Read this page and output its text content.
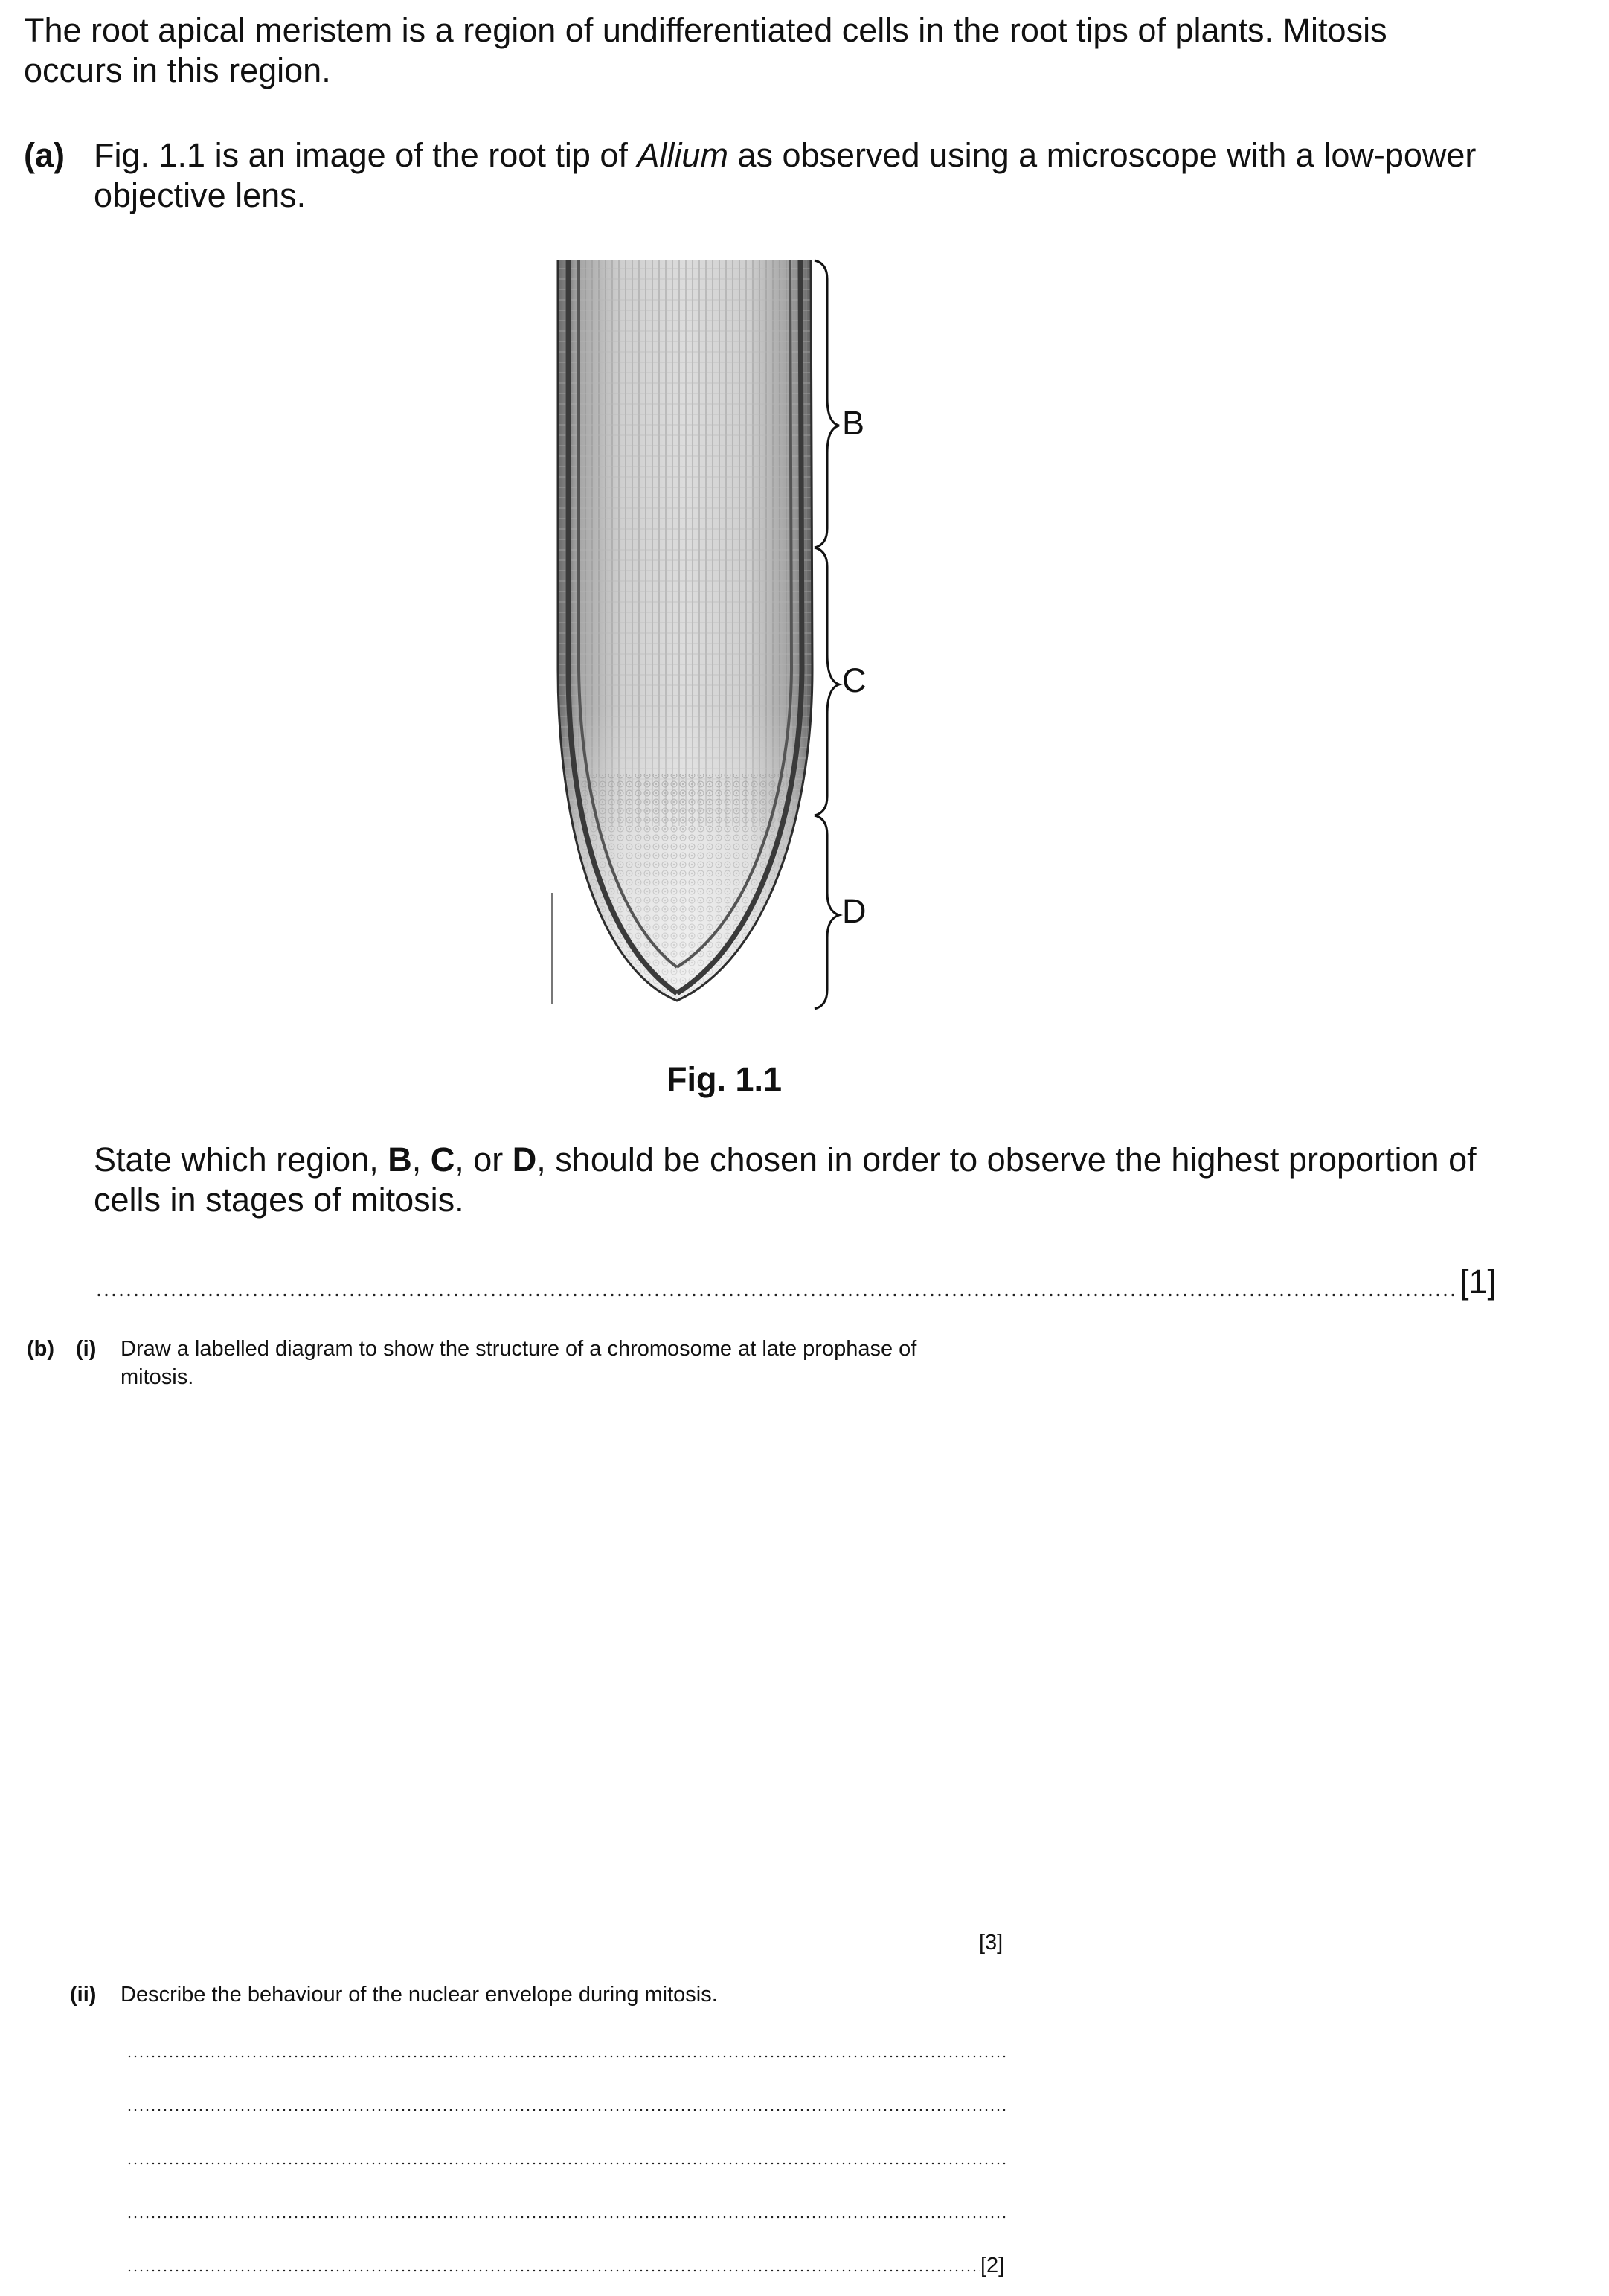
The root apical meristem is a region of undifferentiated cells in the root tips of plants. Mitosis
occurs in this region.
(a) Fig. 1.1 is an image of the root tip of Allium as observed using a microscope with a low-power
objective lens.
B
C
D
Fig. 1.1
State which region, B, C, or D, should be chosen in order to observe the highest proportion of
cells in stages of mitosis.
[1]
(b) (i) Draw a labelled diagram to show the structure of a chromosome at late prophase of
mitosis.
[3]
(ii) Describe the behaviour of the nuclear envelope during mitosis.
[2]
